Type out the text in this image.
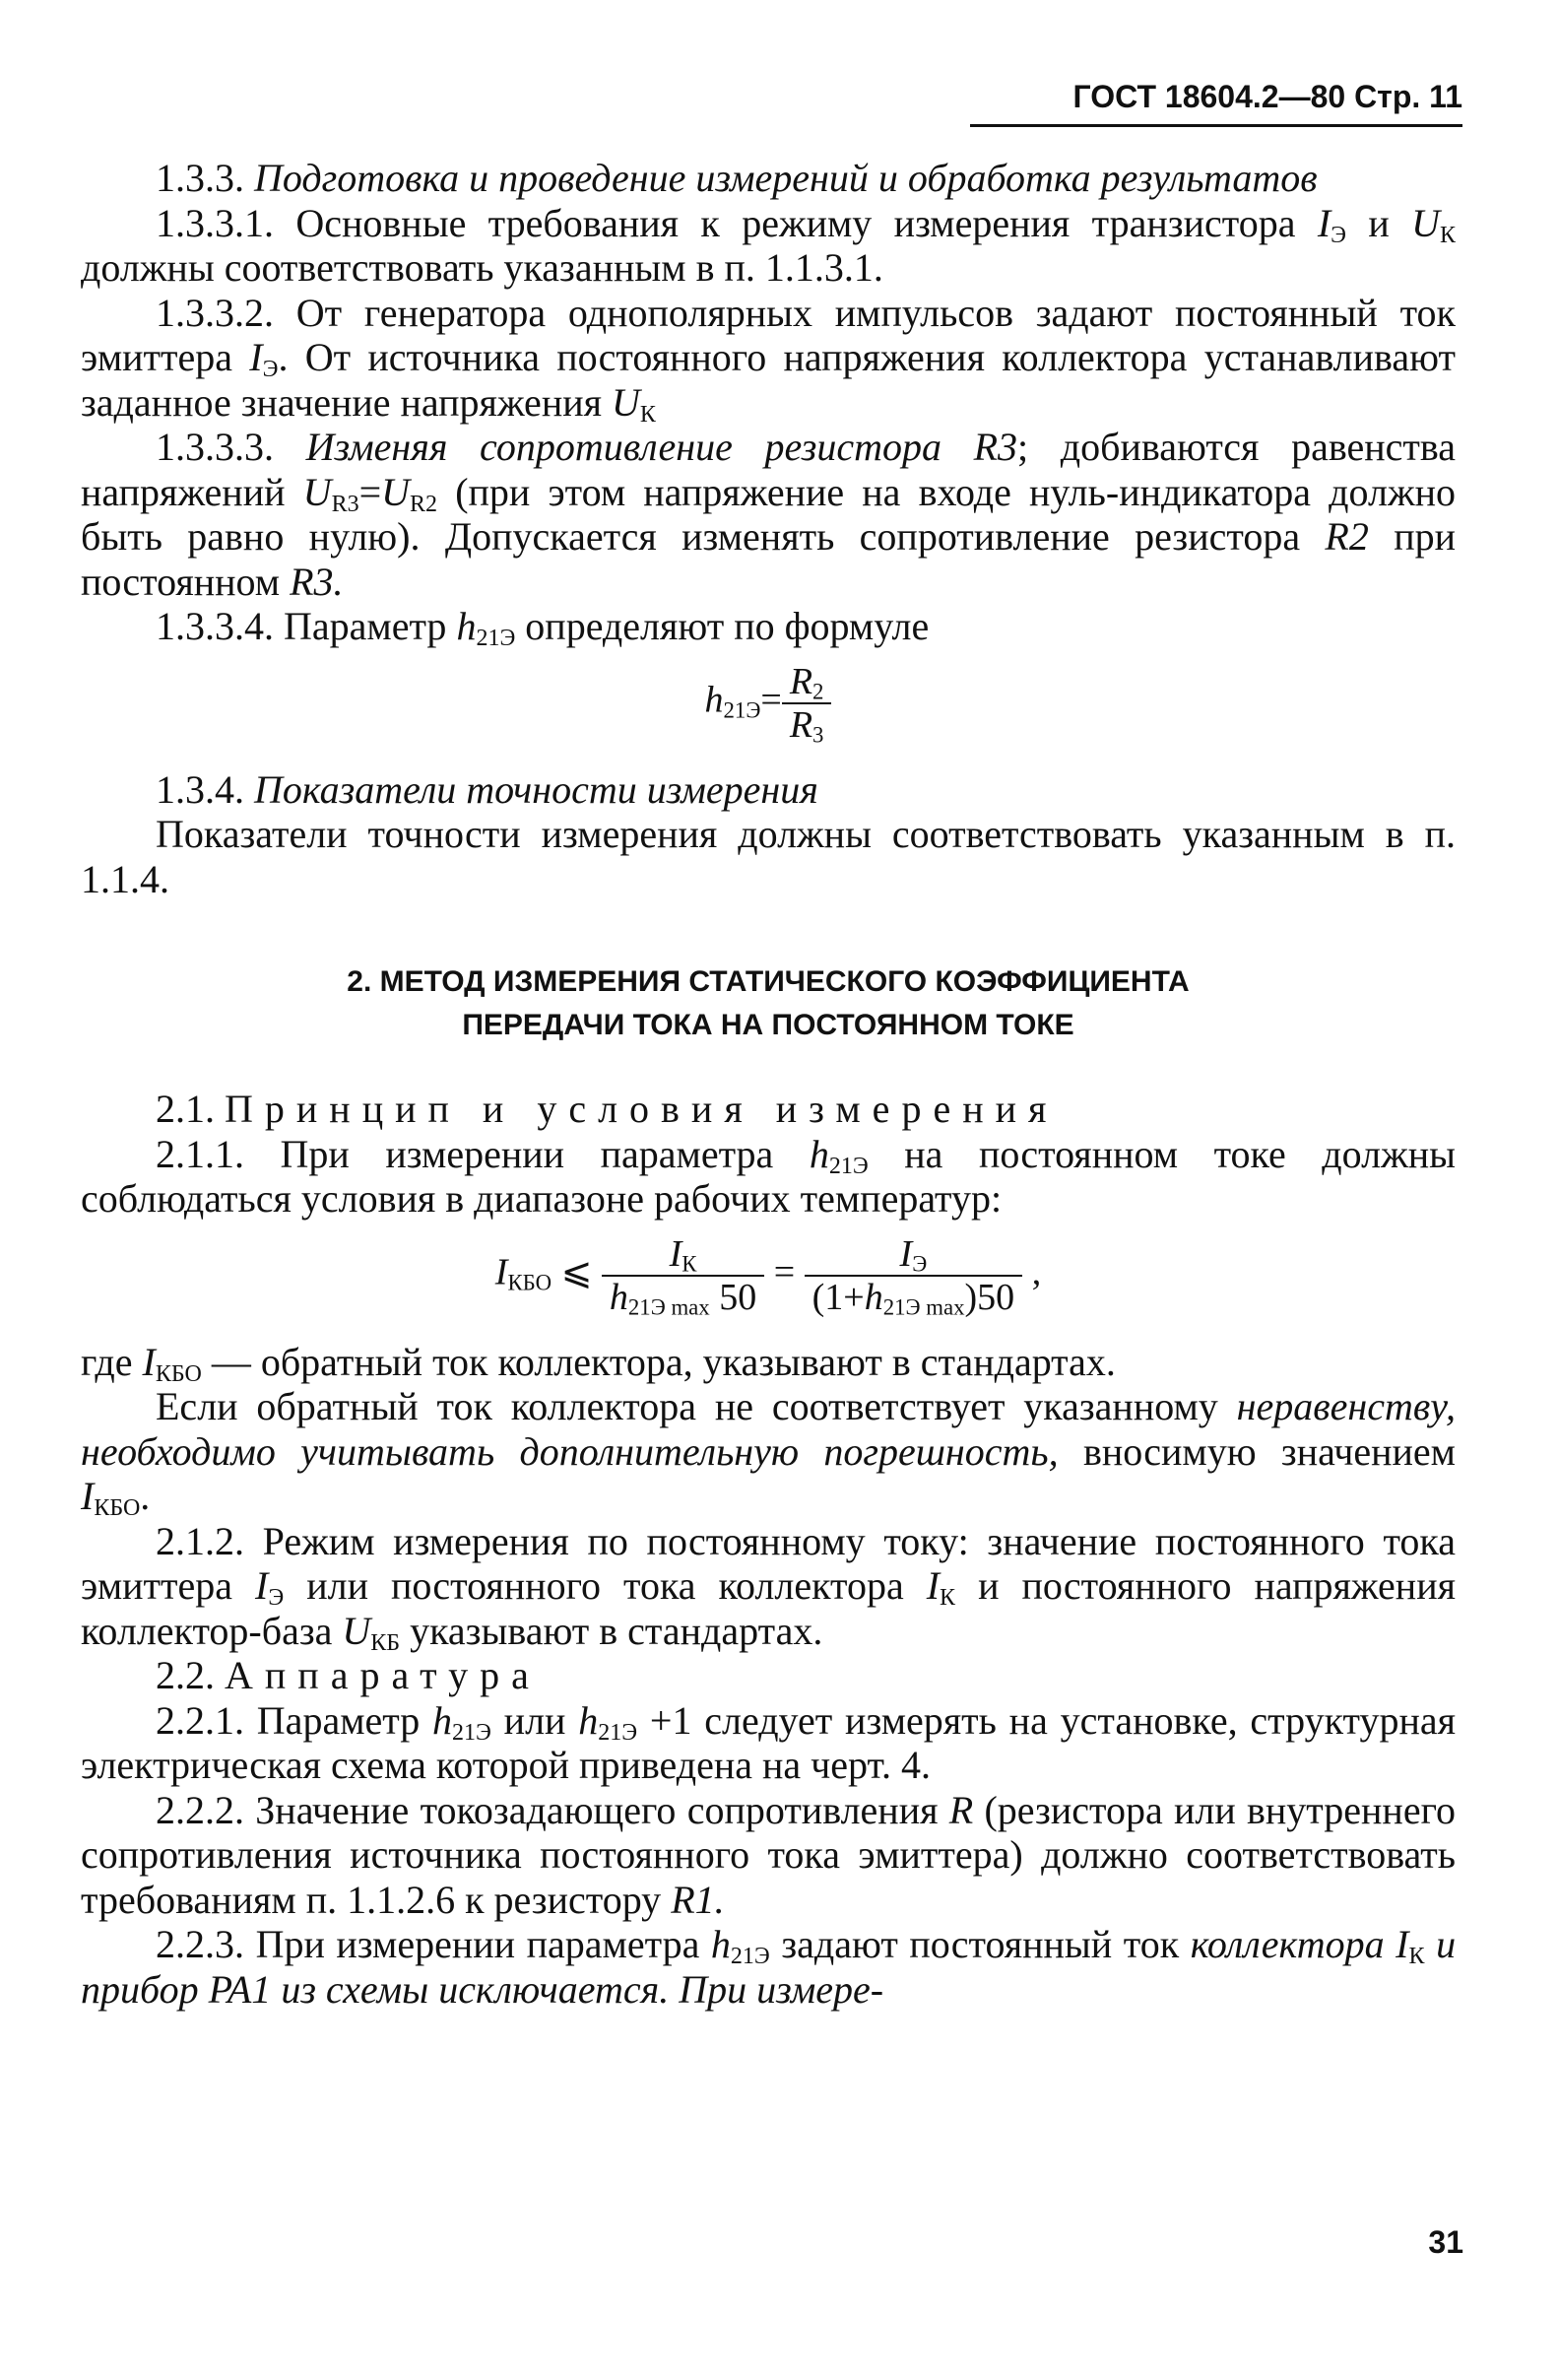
ГОСТ 18604.2—80 Стр. 11

1.3.3. Подготовка и проведение измерений и обработка результатов

1.3.3.1. Основные требования к режиму измерения транзистора $I_Э$ и $U_К$ должны соответствовать указанным в п. 1.1.3.1.

1.3.3.2. От генератора однополярных импульсов задают постоянный ток эмиттера $I_Э$. От источника постоянного напряжения коллектора устанавливают заданное значение напряжения $U_К$

1.3.3.3. Изменяя сопротивление резистора R3; добиваются равенства напряжений $U_{R3}=U_{R2}$ (при этом напряжение на входе нуль-индикатора должно быть равно нулю). Допускается изменять сопротивление резистора R2 при постоянном R3.

1.3.3.4. Параметр $h_{21Э}$ определяют по формуле

$h_{21Э}= \frac{R_2}{R_3}$

1.3.4. Показатели точности измерения

Показатели точности измерения должны соответствовать указанным в п. 1.1.4.

2. МЕТОД ИЗМЕРЕНИЯ СТАТИЧЕСКОГО КОЭФФИЦИЕНТА
ПЕРЕДАЧИ ТОКА НА ПОСТОЯННОМ ТОКЕ

2.1. Принцип и условия измерения

2.1.1. При измерении параметра $h_{21Э}$ на постоянном токе должны соблюдаться условия в диапазоне рабочих температур:

$I_{КБО}$ ⩽ $\frac{I_К}{h_{21Э max} 50} = \frac{I_Э}{(1+h_{21Э max})50}$ ,

где $I_{КБО}$ — обратный ток коллектора, указывают в стандартах.

Если обратный ток коллектора не соответствует указанному неравенству, необходимо учитывать дополнительную погрешность, вносимую значением $I_{КБО}$.

2.1.2. Режим измерения по постоянному току: значение постоянного тока эмиттера $I_Э$ или постоянного тока коллектора $I_К$ и постоянного напряжения коллектор-база $U_{КБ}$ указывают в стандартах.

2.2. Аппаратура

2.2.1. Параметр $h_{21Э}$ или $h_{21Э} +1$ следует измерять на установке, структурная электрическая схема которой приведена на черт. 4.

2.2.2. Значение токозадающего сопротивления R (резистора или внутреннего сопротивления источника постоянного тока эмиттера) должно соответствовать требованиям п. 1.1.2.6 к резистору R1.

2.2.3. При измерении параметра $h_{21Э}$ задают постоянный ток коллектора $I_К$ и прибор PA1 из схемы исключается. При измере-

31
